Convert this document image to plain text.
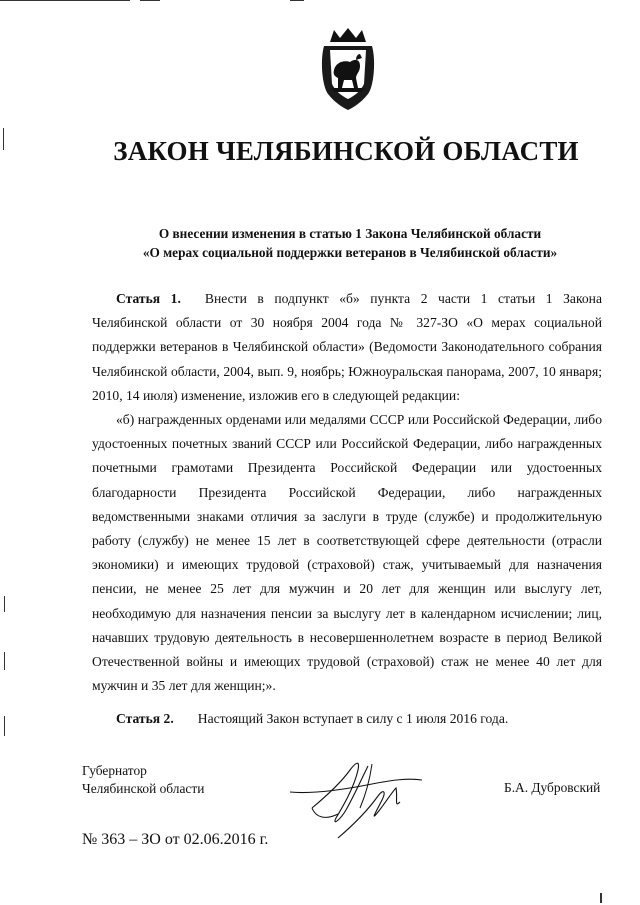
ЗАКОН ЧЕЛЯБИНСКОЙ ОБЛАСТИ
О внесении изменения в статью 1 Закона Челябинской области
«О мерах социальной поддержки ветеранов в Челябинской области»

Статья 1. Внести в подпункт «б» пункта 2 части 1 статьи 1 Закона Челябинской области от 30 ноября 2004 года № 327-ЗО «О мерах социальной поддержки ветеранов в Челябинской области» (Ведомости Законодательного собрания Челябинской области, 2004, вып. 9, ноябрь; Южноуральская панорама, 2007, 10 января; 2010, 14 июля) изменение, изложив его в следующей редакции:

«б) награжденных орденами или медалями СССР или Российской Федерации, либо удостоенных почетных званий СССР или Российской Федерации, либо награжденных почетными грамотами Президента Российской Федерации или удостоенных благодарности Президента Российской Федерации, либо награжденных ведомственными знаками отличия за заслуги в труде (службе) и продолжительную работу (службу) не менее 15 лет в соответствующей сфере деятельности (отрасли экономики) и имеющих трудовой (страховой) стаж, учитываемый для назначения пенсии, не менее 25 лет для мужчин и 20 лет для женщин или выслугу лет, необходимую для назначения пенсии за выслугу лет в календарном исчислении; лиц, начавших трудовую деятельность в несовершеннолетнем возрасте в период Великой Отечественной войны и имеющих трудовой (страховой) стаж не менее 40 лет для мужчин и 35 лет для женщин;».

Статья 2. Настоящий Закон вступает в силу с 1 июля 2016 года.
Губернатор
Челябинской области	Б.А. Дубровский
№ 363 – ЗО от 02.06.2016 г.
